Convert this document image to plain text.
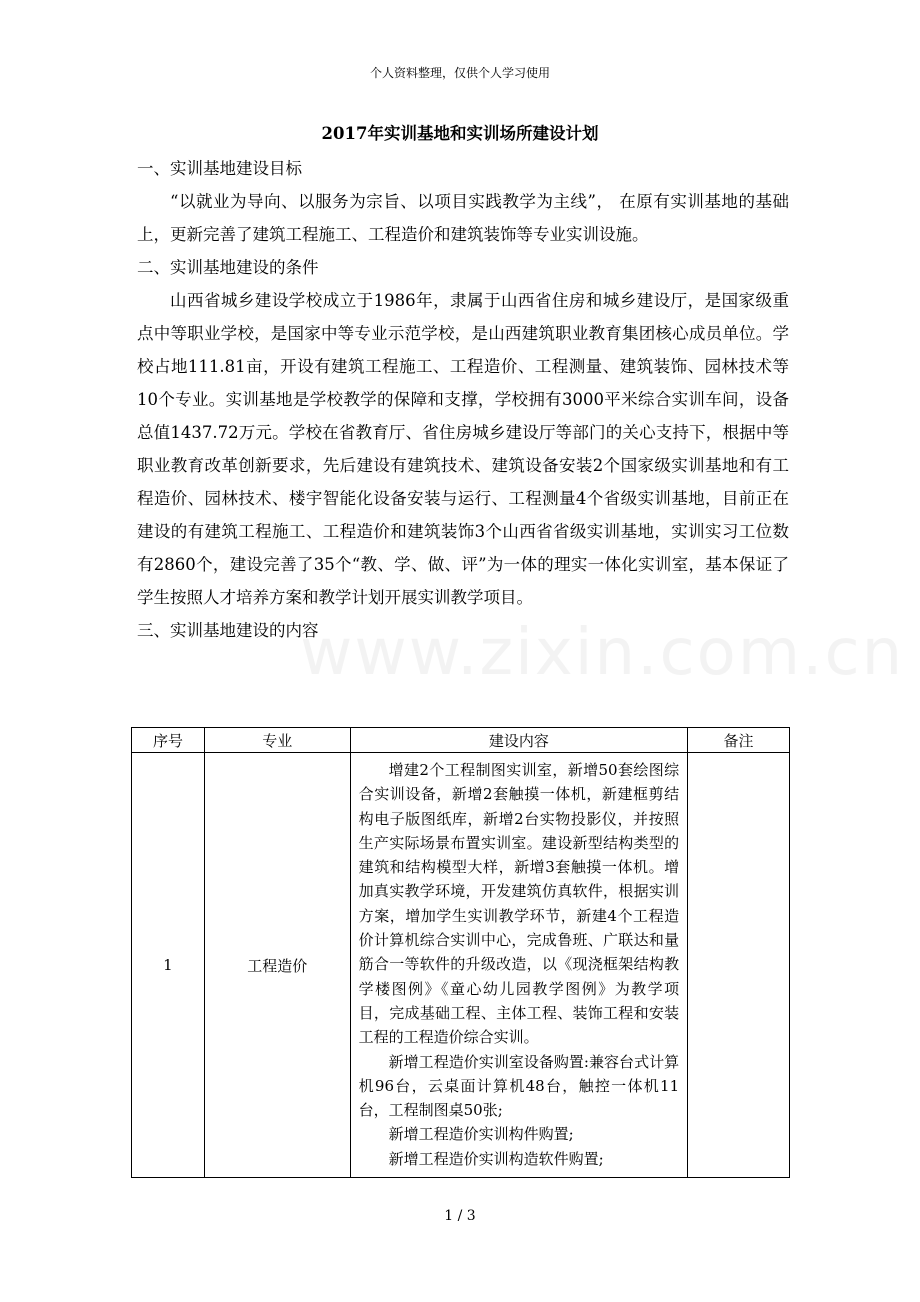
www.zixin.com.cn
个人资料整理，仅供个人学习使用
2017年实训基地和实训场所建设计划

一、实训基地建设目标

“以就业为导向、以服务为宗旨、以项目实践教学为主线”， 在原有实训基地的基础上，更新完善了建筑工程施工、工程造价和建筑装饰等专业实训设施。

二、实训基地建设的条件

山西省城乡建设学校成立于1986年，隶属于山西省住房和城乡建设厅，是国家级重点中等职业学校，是国家中等专业示范学校，是山西建筑职业教育集团核心成员单位。学校占地111.81亩，开设有建筑工程施工、工程造价、工程测量、建筑装饰、园林技术等10个专业。实训基地是学校教学的保障和支撑，学校拥有3000平米综合实训车间，设备总值1437.72万元。学校在省教育厅、省住房城乡建设厅等部门的关心支持下，根据中等职业教育改革创新要求，先后建设有建筑技术、建筑设备安装2个国家级实训基地和有工程造价、园林技术、楼宇智能化设备安装与运行、工程测量4个省级实训基地，目前正在建设的有建筑工程施工、工程造价和建筑装饰3个山西省省级实训基地，实训实习工位数有2860个，建设完善了35个“教、学、做、评”为一体的理实一体化实训室，基本保证了学生按照人才培养方案和教学计划开展实训教学项目。

三、实训基地建设的内容

序号	专业	建设内容	备注
1	工程造价	增建2个工程制图实训室，新增50套绘图综合实训设备，新增2套触摸一体机，新建框剪结构电子版图纸库，新增2台实物投影仪，并按照生产实际场景布置实训室。建设新型结构类型的建筑和结构模型大样，新增3套触摸一体机。增加真实教学环境，开发建筑仿真软件，根据实训方案，增加学生实训教学环节，新建4个工程造价计算机综合实训中心，完成鲁班、广联达和量筋合一等软件的升级改造，以《现浇框架结构教学楼图例》《童心幼儿园教学图例》为教学项目，完成基础工程、主体工程、装饰工程和安装工程的工程造价综合实训。

新增工程造价实训室设备购置:兼容台式计算机96台，云桌面计算机48台，触控一体机11台，工程制图桌50张;

新增工程造价实训构件购置;

新增工程造价实训构造软件购置;	

1 / 3
